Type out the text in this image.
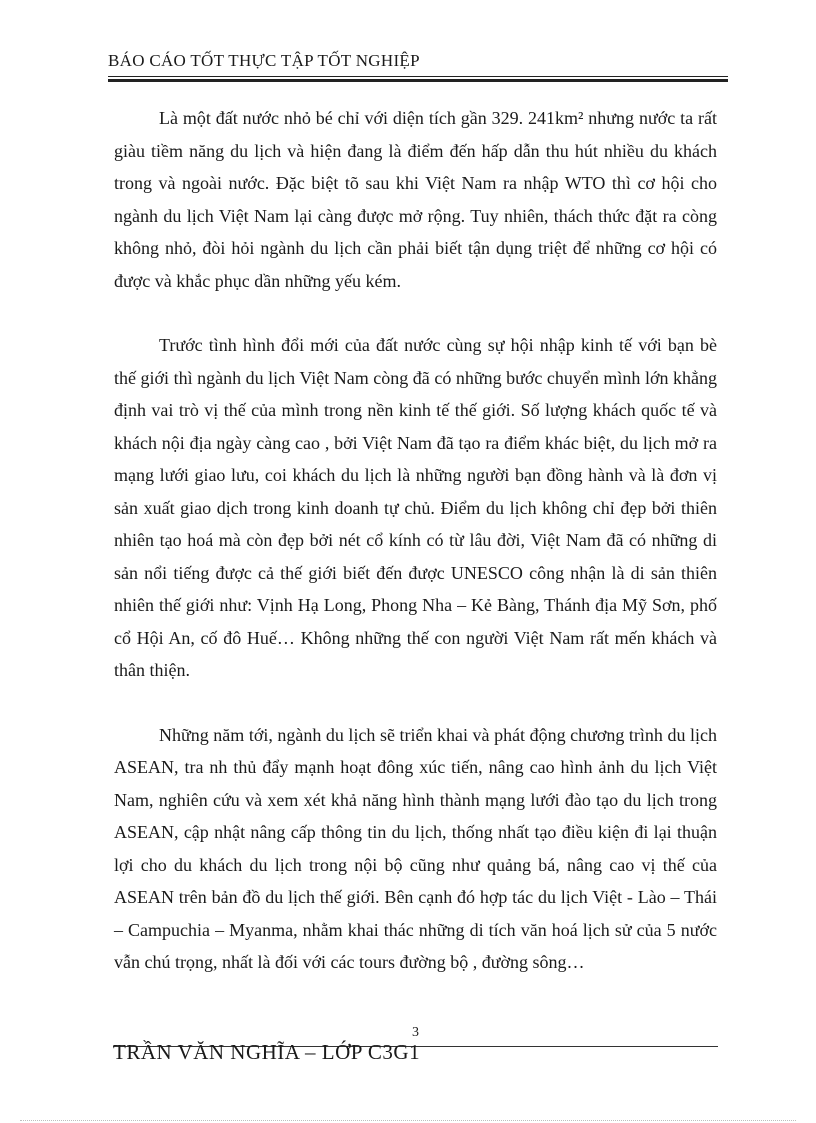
BÁO CÁO TỐT THỰC TẬP TỐT NGHIỆP

Là một đất nước nhỏ bé chỉ với diện tích gần 329. 241km² nhưng nước ta rất giàu tiềm năng du lịch và hiện đang là điểm đến hấp dẫn thu hút nhiều du khách trong và ngoài nước. Đặc biệt tõ sau khi Việt Nam ra nhập WTO thì cơ hội cho ngành du lịch Việt Nam lại càng được mở rộng. Tuy nhiên, thách thức đặt ra còng không nhỏ, đòi hỏi ngành du lịch cần phải biết tận dụng triệt để những cơ hội có được và khắc phục dần những yếu kém.

Trước tình hình đổi mới của đất nước cùng sự hội nhập kinh tế với bạn bè thế giới thì ngành du lịch Việt Nam còng đã có những bước chuyển mình lớn khẳng định vai trò vị thế của mình trong nền kinh tế thế giới. Số lượng khách quốc tế và khách nội địa ngày càng cao , bởi Việt Nam đã tạo ra điểm khác biệt, du lịch mở ra mạng lưới giao lưu, coi khách du lịch là những người bạn đồng hành và là đơn vị sản xuất giao dịch trong kinh doanh tự chủ. Điểm du lịch không chỉ đẹp bởi thiên nhiên tạo hoá mà còn đẹp bởi nét cổ kính có từ lâu đời, Việt Nam đã có những di sản nổi tiếng được cả thế giới biết đến được UNESCO công nhận là di sản thiên nhiên thế giới như: Vịnh Hạ Long, Phong Nha – Kẻ Bàng, Thánh địa Mỹ Sơn, phố cổ Hội An, cố đô Huế… Không những thế con người Việt Nam rất mến khách và thân thiện.

Những năm tới, ngành du lịch sẽ triển khai và phát động chương trình du lịch ASEAN, tra nh thủ đẩy mạnh hoạt đông xúc tiến, nâng cao hình ảnh du lịch Việt Nam, nghiên cứu và xem xét khả năng hình thành mạng lưới đào tạo du lịch trong ASEAN, cập nhật nâng cấp thông tin du lịch, thống nhất tạo điều kiện đi lại thuận lợi cho du khách du lịch trong nội bộ cũng như quảng bá, nâng cao vị thế của ASEAN trên bản đồ du lịch thế giới. Bên cạnh đó hợp tác du lịch Việt - Lào – Thái – Campuchia – Myanma, nhằm khai thác những di tích văn hoá lịch sử của 5 nước vẫn chú trọng, nhất là đối với các tours đường bộ , đường sông…

3
TRẦN VĂN NGHĨA – LỚP C3G1
